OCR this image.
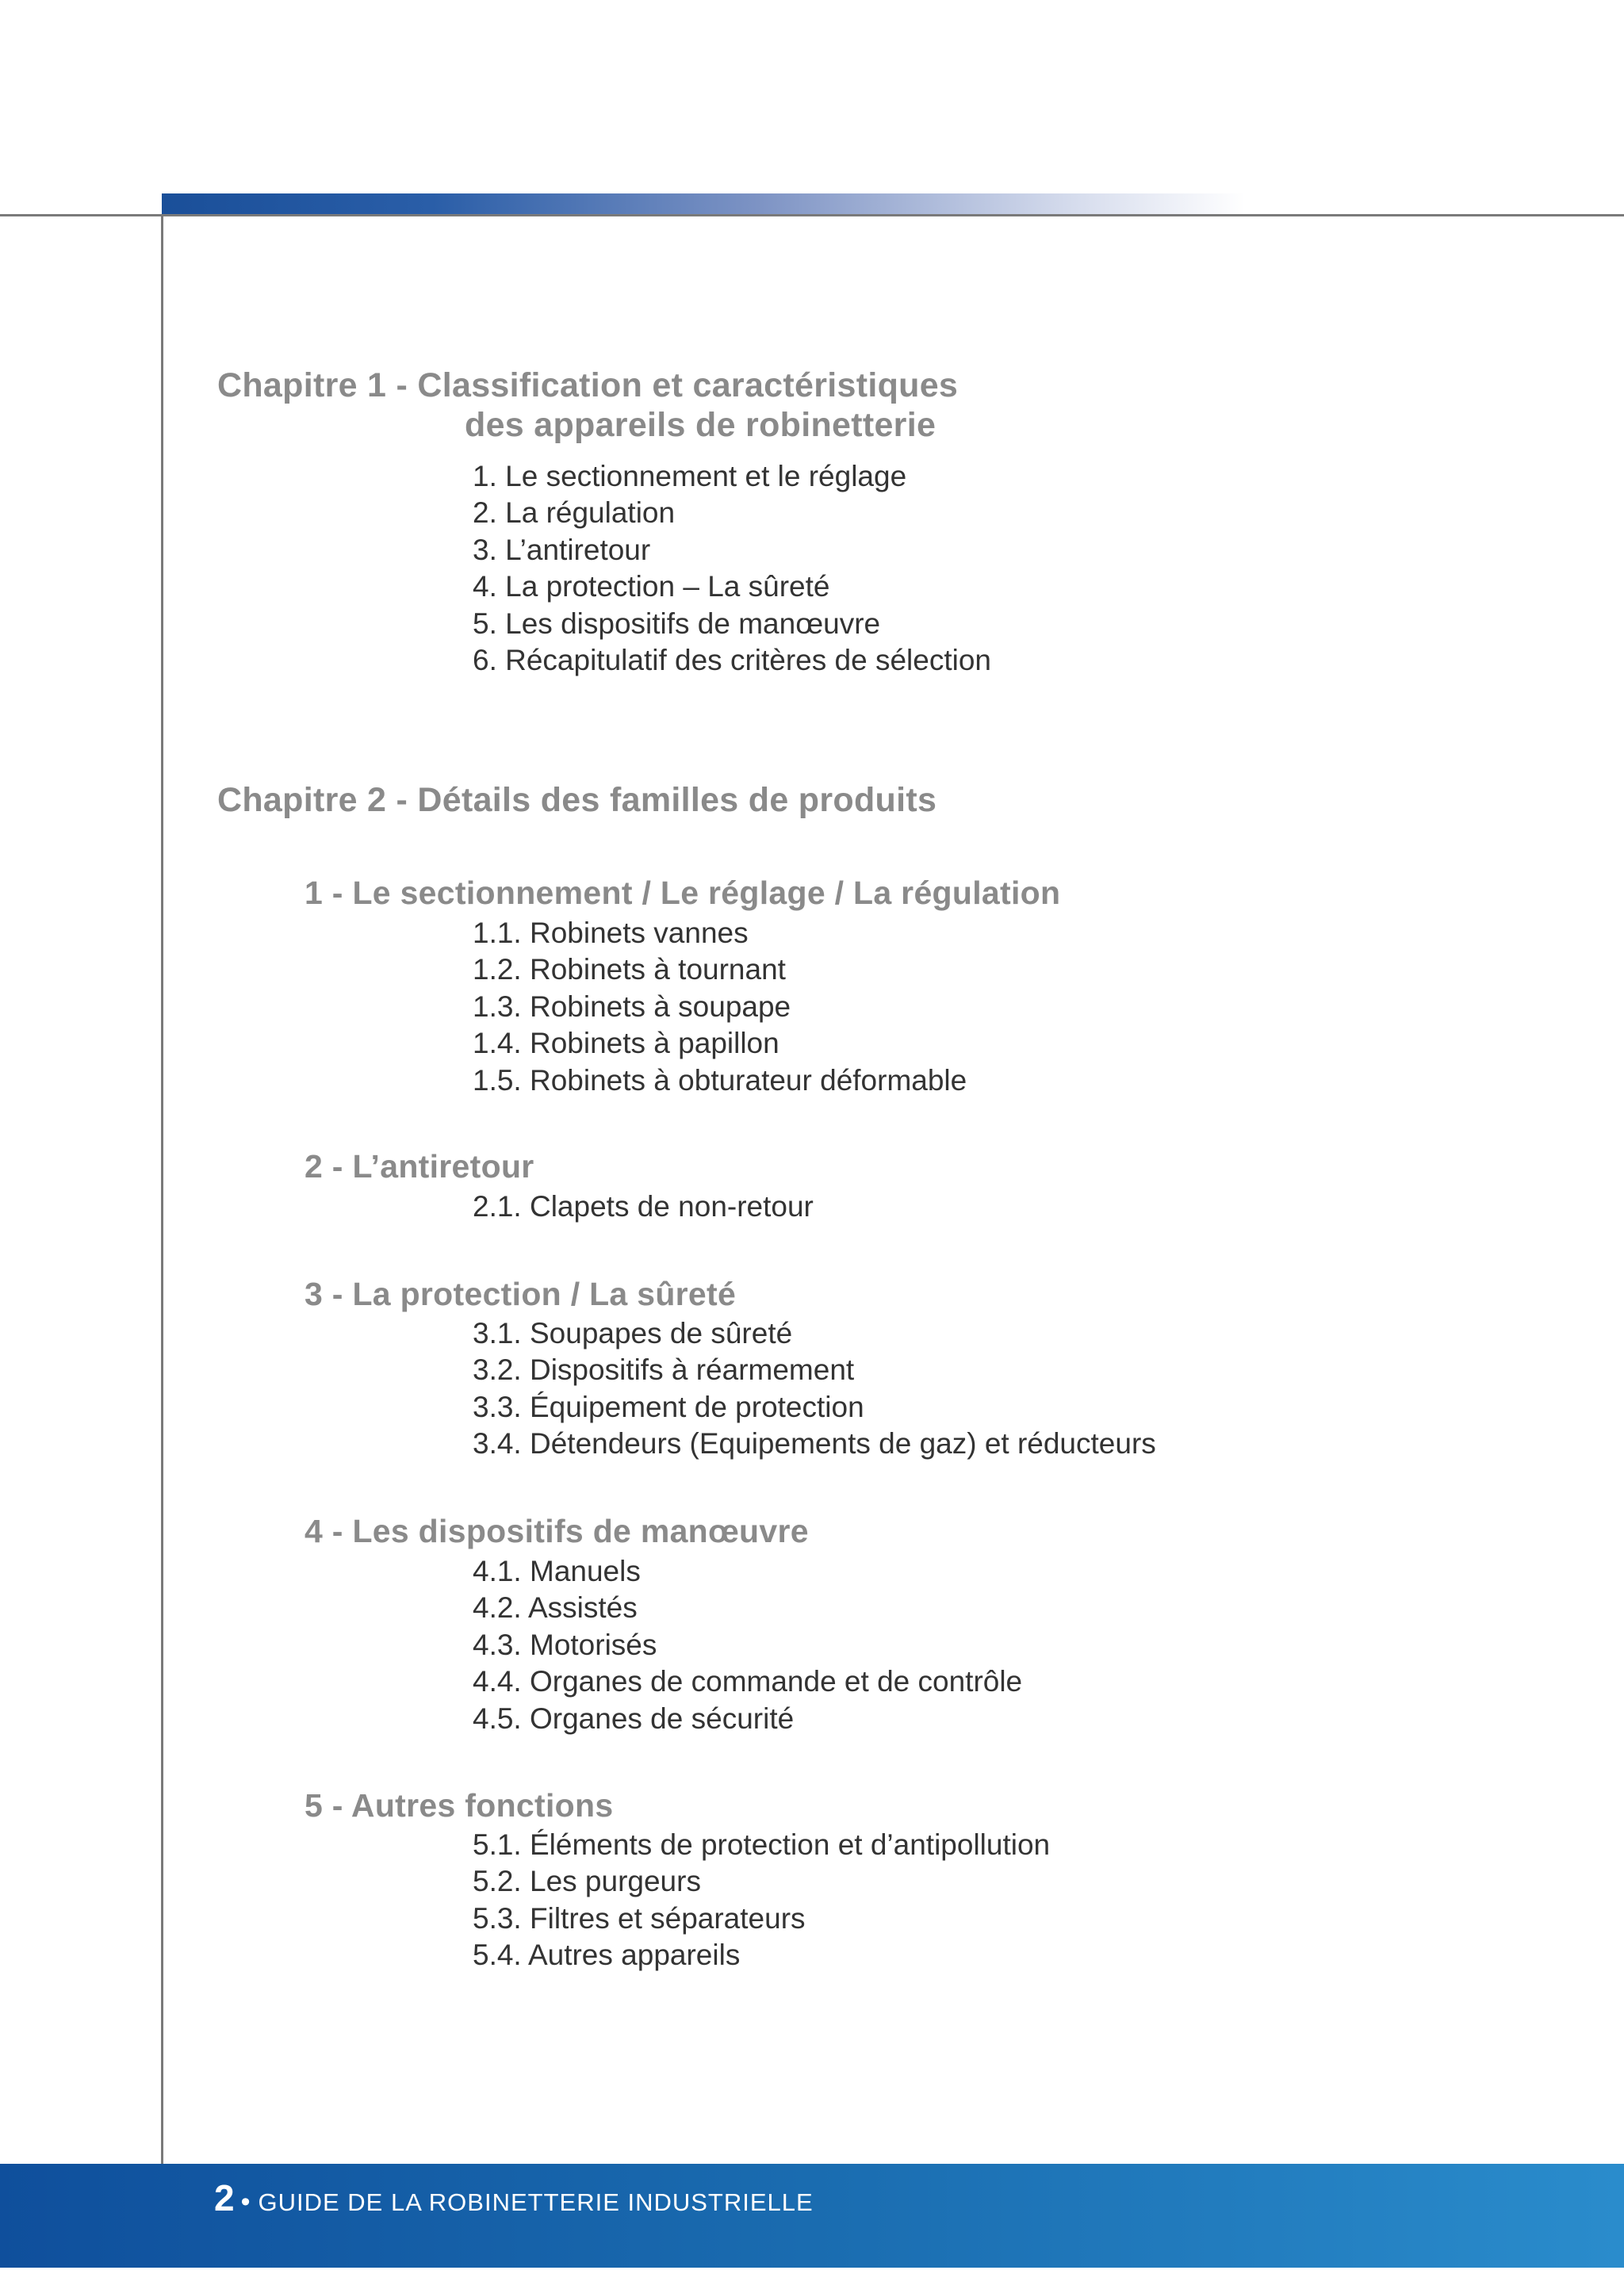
Chapitre 1 - Classification et caractéristiques
des appareils de robinetterie
1. Le sectionnement et le réglage
2. La régulation
3. L’antiretour
4. La protection – La sûreté
5. Les dispositifs de manœuvre
6. Récapitulatif des critères de sélection
Chapitre 2 - Détails des familles de produits
1 - Le sectionnement / Le réglage / La régulation
1.1. Robinets vannes
1.2. Robinets à tournant
1.3. Robinets à soupape
1.4. Robinets à papillon
1.5. Robinets à obturateur déformable
2 - L’antiretour
2.1. Clapets de non-retour
3 - La protection / La sûreté
3.1. Soupapes de sûreté
3.2. Dispositifs à réarmement
3.3. Équipement de protection
3.4. Détendeurs (Equipements de gaz) et réducteurs
4 - Les dispositifs de manœuvre
4.1. Manuels
4.2. Assistés
4.3. Motorisés
4.4. Organes de commande et de contrôle
4.5. Organes de sécurité
5 - Autres fonctions
5.1. Éléments de protection et d’antipollution
5.2. Les purgeurs
5.3. Filtres et séparateurs
5.4. Autres appareils
2 • GUIDE DE LA ROBINETTERIE INDUSTRIELLE
